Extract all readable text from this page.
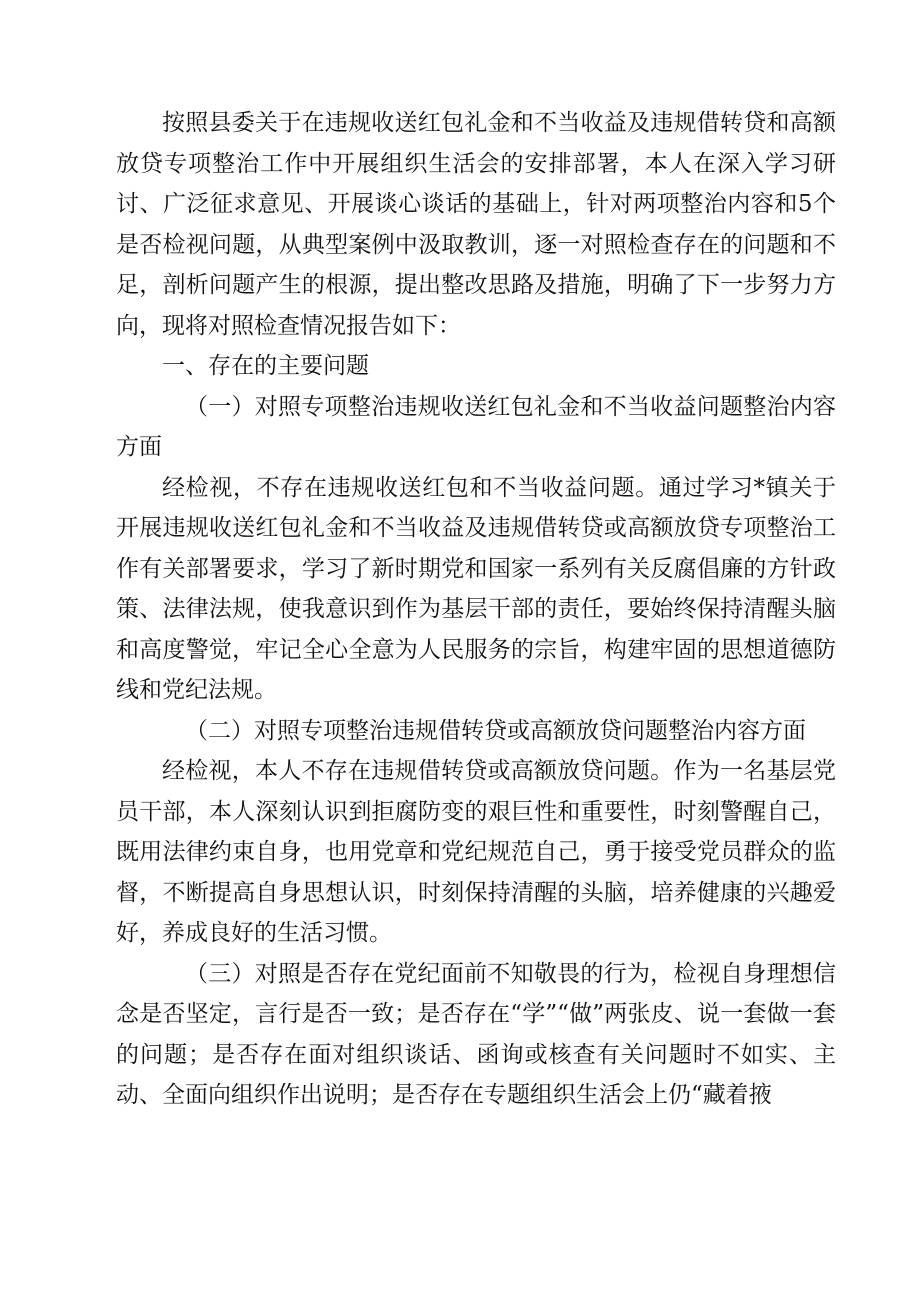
按照县委关于在违规收送红包礼金和不当收益及违规借转贷和高额放贷专项整治工作中开展组织生活会的安排部署，本人在深入学习研讨、广泛征求意见、开展谈心谈话的基础上，针对两项整治内容和5个是否检视问题，从典型案例中汲取教训，逐一对照检查存在的问题和不足，剖析问题产生的根源，提出整改思路及措施，明确了下一步努力方向，现将对照检查情况报告如下：

一、存在的主要问题

（一）对照专项整治违规收送红包礼金和不当收益问题整治内容方面

经检视，不存在违规收送红包和不当收益问题。通过学习*镇关于开展违规收送红包礼金和不当收益及违规借转贷或高额放贷专项整治工作有关部署要求，学习了新时期党和国家一系列有关反腐倡廉的方针政策、法律法规，使我意识到作为基层干部的责任，要始终保持清醒头脑和高度警觉，牢记全心全意为人民服务的宗旨，构建牢固的思想道德防线和党纪法规。

（二）对照专项整治违规借转贷或高额放贷问题整治内容方面

经检视，本人不存在违规借转贷或高额放贷问题。作为一名基层党员干部，本人深刻认识到拒腐防变的艰巨性和重要性，时刻警醒自己，既用法律约束自身，也用党章和党纪规范自己，勇于接受党员群众的监督，不断提高自身思想认识，时刻保持清醒的头脑，培养健康的兴趣爱好，养成良好的生活习惯。

（三）对照是否存在党纪面前不知敬畏的行为，检视自身理想信念是否坚定，言行是否一致；是否存在“学”“做”两张皮、说一套做一套的问题；是否存在面对组织谈话、函询或核查有关问题时不如实、主动、全面向组织作出说明；是否存在专题组织生活会上仍“藏着掖
